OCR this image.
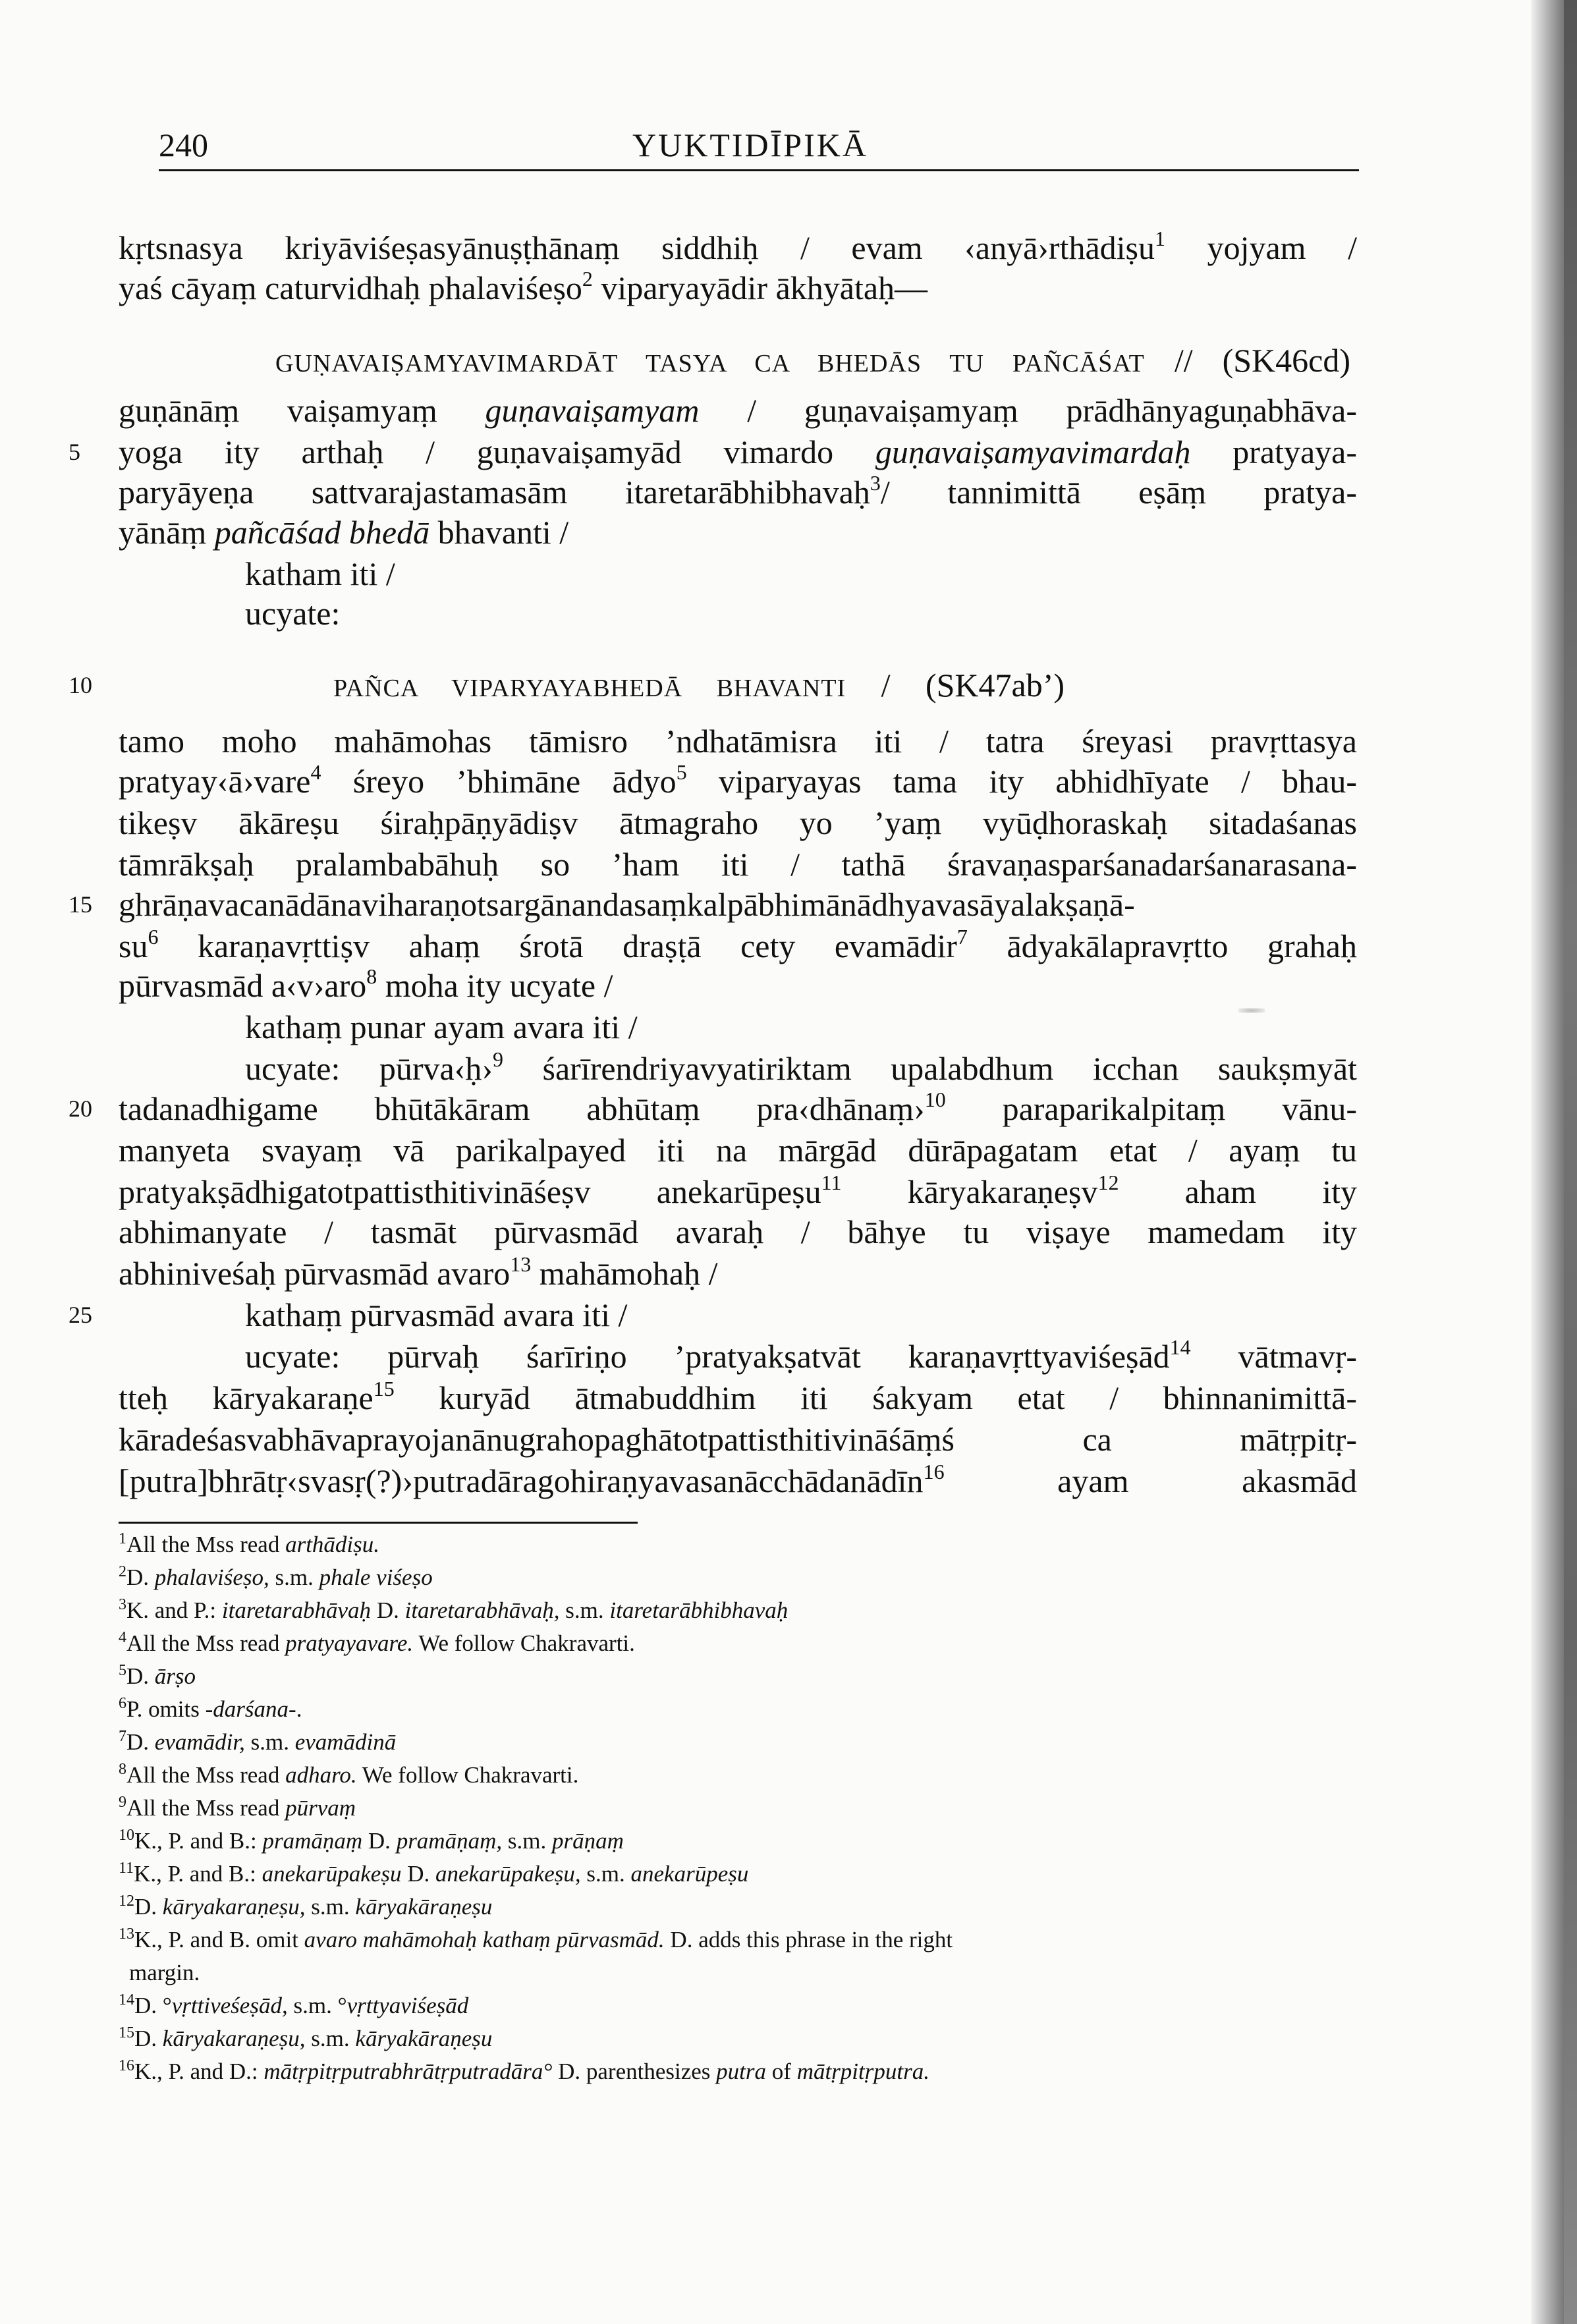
240	YUKTIDĪPIKĀ
5
10
15
20
25
GUṆAVAIṢAMYAVIMARDĀT TASYA CA BHEDĀS TU PAÑCĀŚAT // (SK46cd)
PAÑCA VIPARYAYABHEDĀ BHAVANTI / (SK47ab’)
kṛtsnasya kriyāviśeṣasyānuṣṭhānaṃ siddhiḥ / evam ‹anyā›rthādiṣu$^1$ yojyam /
yaś cāyaṃ caturvidhaḥ phalaviśeṣo$^2$ viparyayādir ākhyātaḥ—
guṇānāṃ vaiṣamyaṃ guṇavaiṣamyam / guṇavaiṣamyaṃ prādhānyaguṇabhāva-
yoga ity arthaḥ / guṇavaiṣamyād vimardo guṇavaiṣamyavimardaḥ pratyaya-
paryāyeṇa sattvarajastamasām itaretarābhibhavaḥ$^3$/ tannimittā eṣāṃ pratya-
yānāṃ pañcāśad bhedā bhavanti /
katham iti /
ucyate:
tamo moho mahāmohas tāmisro ’ndhatāmisra iti / tatra śreyasi pravṛttasya
pratyay‹ā›vare$^4$ śreyo ’bhimāne ādyo$^5$ viparyayas tama ity abhidhīyate / bhau-
tikeṣv ākāreṣu śiraḥpāṇyādiṣv ātmagraho yo ’yaṃ vyūḍhoraskaḥ sitadaśanas
tāmrākṣaḥ pralambabāhuḥ so ’ham iti / tathā śravaṇasparśanadarśanarasana-
ghrāṇavacanādānaviharaṇotsargānandasaṃkalpābhimānādhyavasāyalakṣaṇā-
$su^6$ karaṇavṛttiṣv ahaṃ śrotā draṣṭā cety evamādir$^7$ ādyakālapravṛtto grahaḥ
pūrvasmād a‹v›aro$^8$ moha ity ucyate /
kathaṃ punar ayam avara iti /
ucyate: pūrva‹ḥ›$^9$ śarīrendriyavyatiriktam upalabdhum icchan saukṣmyāt
tadanadhigame bhūtākāram abhūtaṃ pra‹dhānaṃ›$^{10}$ paraparikalpitaṃ vānu-
manyeta svayaṃ vā parikalpayed iti na mārgād dūrāpagatam etat / ayaṃ tu
pratyakṣādhigatotpattisthitivināśeṣv anekarūpeṣu$^{11}$ kāryakaraṇeṣv$^{12}$ aham ity
abhimanyate / tasmāt pūrvasmād avaraḥ / bāhye tu viṣaye mamedam ity
abhiniveśaḥ pūrvasmād avaro$^{13}$ mahāmohaḥ /
kathaṃ pūrvasmād avara iti /
ucyate: pūrvaḥ śarīriṇo ’pratyakṣatvāt karaṇavṛttyaviśeṣād$^{14}$ vātmavṛ-
tteḥ kāryakaraṇe$^{15}$ kuryād ātmabuddhim iti śakyam etat / bhinnanimittā-
kāradeśasvabhāvaprayojanānugrahopaghātotpattisthitivināśāṃś ca mātṛpitṛ-
[putra]bhrātṛ‹svasṛ(?)›putradāragohiraṇyavasanācchādanādīn$^{16}$ ayam akasmād
$^1$All the Mss read arthādiṣu.
$^2$D. phalaviśeṣo, s.m. phale viśeṣo
$^3$K. and P.: itaretarabhāvaḥ D. itaretarabhāvaḥ, s.m. itaretarābhibhavaḥ
$^4$All the Mss read pratyayavare. We follow Chakravarti.
$^5$D. ārṣo
$^6$P. omits -darśana-.
$^7$D. evamādir, s.m. evamādinā
$^8$All the Mss read adharo. We follow Chakravarti.
$^9$All the Mss read pūrvaṃ
$^{10}$K., P. and B.: pramāṇaṃ D. pramāṇaṃ, s.m. prāṇaṃ
$^{11}$K., P. and B.: anekarūpakeṣu D. anekarūpakeṣu, s.m. anekarūpeṣu
$^{12}$D. kāryakaraṇeṣu, s.m. kāryakāraṇeṣu
$^{13}$K., P. and B. omit avaro mahāmohaḥ kathaṃ pūrvasmād. D. adds this phrase in the right
margin.
$^{14}$D. °vṛttiveśeṣād, s.m. °vṛttyaviśeṣād
$^{15}$D. kāryakaraṇeṣu, s.m. kāryakāraṇeṣu
$^{16}$K., P. and D.: mātṛpitṛputrabhrātṛputradāra° D. parenthesizes putra of mātṛpitṛputra.
